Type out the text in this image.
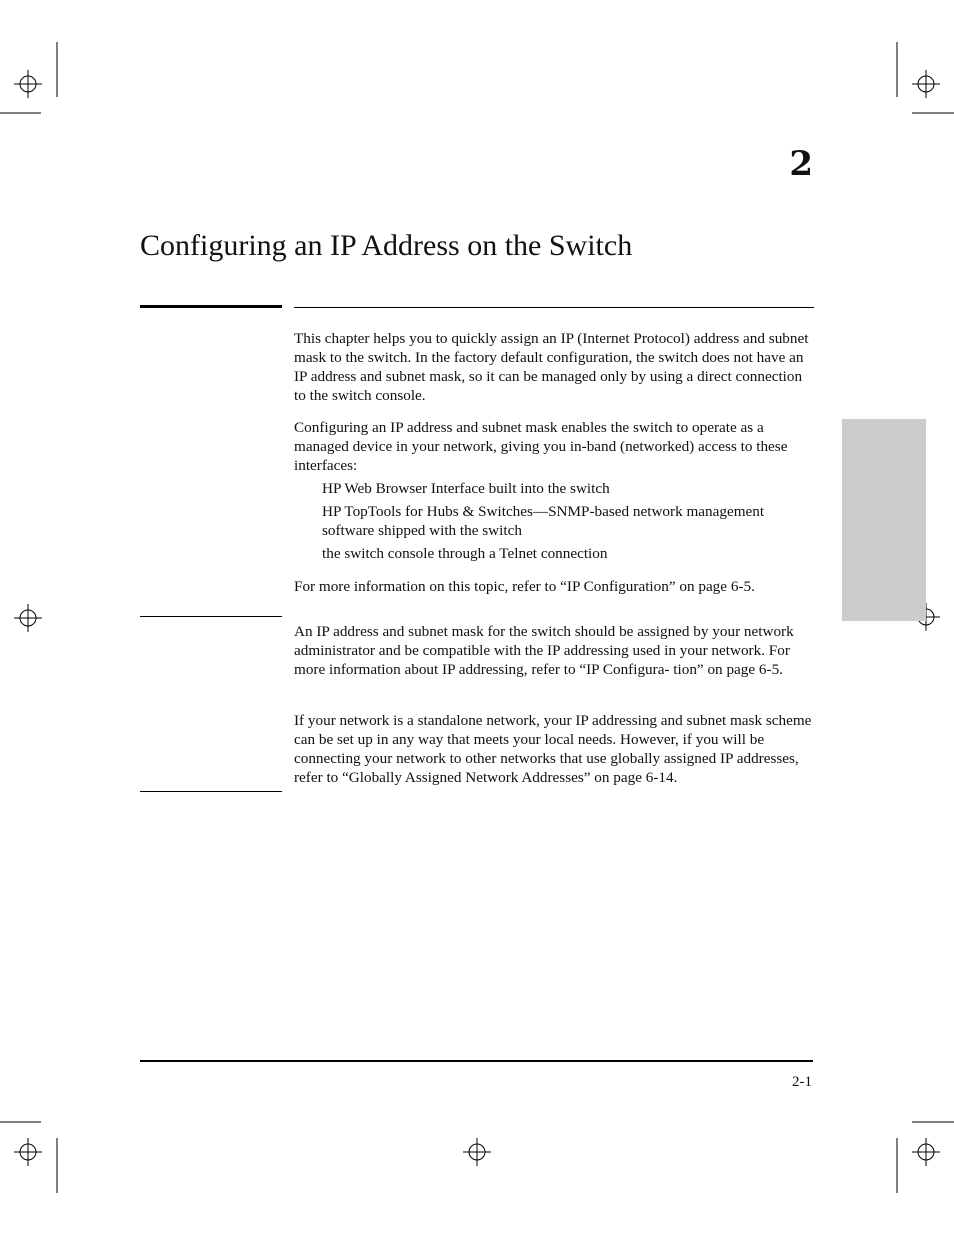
2
Configuring an IP Address on the Switch

This chapter helps you to quickly assign an IP (Internet Protocol) address and subnet mask to the switch. In the factory default configuration, the switch does not have an IP address and subnet mask, so it can be managed only by using a direct connection to the switch console.

Configuring an IP address and subnet mask enables the switch to operate as a managed device in your network, giving you in-band (networked) access to these interfaces:

HP Web Browser Interface built into the switch
HP TopTools for Hubs & Switches—SNMP-based network management software shipped with the switch
the switch console through a Telnet connection

For more information on this topic, refer to “IP Configuration” on page 6-5.

An IP address and subnet mask for the switch should be assigned by your network administrator and be compatible with the IP addressing used in your network. For more information about IP addressing, refer to “IP Configura- tion” on page 6-5.

If your network is a standalone network, your IP addressing and subnet mask scheme can be set up in any way that meets your local needs. However, if you will be connecting your network to other networks that use globally assigned IP addresses, refer to “Globally Assigned Network Addresses” on page 6-14.

2-1
